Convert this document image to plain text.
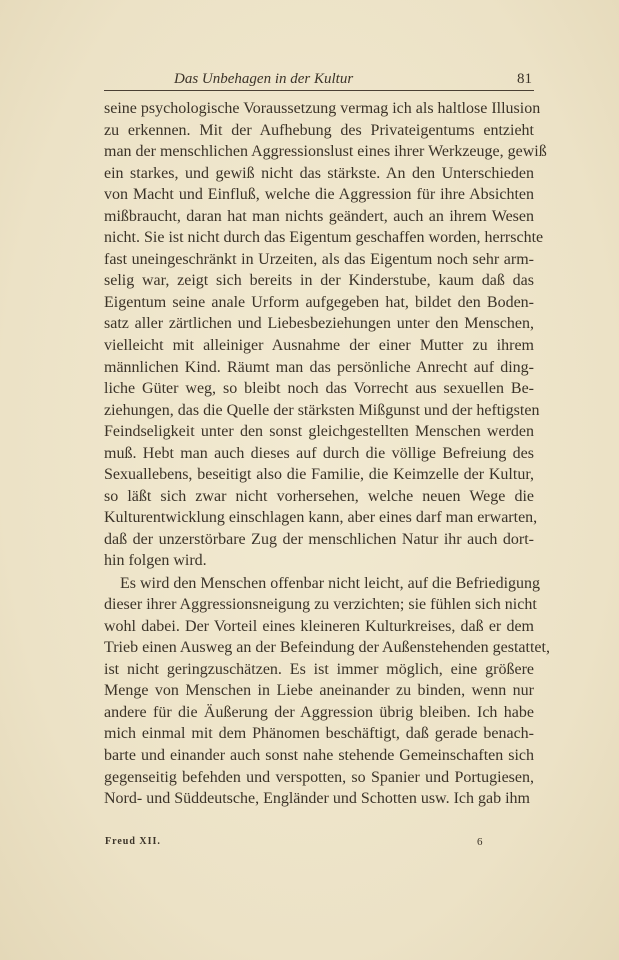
Das Unbehagen in der Kultur	81
seine psychologische Voraussetzung vermag ich als haltlose Illusion
zu erkennen. Mit der Aufhebung des Privateigentums entzieht
man der menschlichen Aggressionslust eines ihrer Werkzeuge, gewiß
ein starkes, und gewiß nicht das stärkste. An den Unterschieden
von Macht und Einfluß, welche die Aggression für ihre Absichten
mißbraucht, daran hat man nichts geändert, auch an ihrem Wesen
nicht. Sie ist nicht durch das Eigentum geschaffen worden, herrschte
fast uneingeschränkt in Urzeiten, als das Eigentum noch sehr arm-
selig war, zeigt sich bereits in der Kinderstube, kaum daß das
Eigentum seine anale Urform aufgegeben hat, bildet den Boden-
satz aller zärtlichen und Liebesbeziehungen unter den Menschen,
vielleicht mit alleiniger Ausnahme der einer Mutter zu ihrem
männlichen Kind. Räumt man das persönliche Anrecht auf ding-
liche Güter weg, so bleibt noch das Vorrecht aus sexuellen Be-
ziehungen, das die Quelle der stärksten Mißgunst und der heftigsten
Feindseligkeit unter den sonst gleichgestellten Menschen werden
muß. Hebt man auch dieses auf durch die völlige Befreiung des
Sexuallebens, beseitigt also die Familie, die Keimzelle der Kultur,
so läßt sich zwar nicht vorhersehen, welche neuen Wege die
Kulturentwicklung einschlagen kann, aber eines darf man erwarten,
daß der unzerstörbare Zug der menschlichen Natur ihr auch dort-
hin folgen wird.
Es wird den Menschen offenbar nicht leicht, auf die Befriedigung
dieser ihrer Aggressionsneigung zu verzichten; sie fühlen sich nicht
wohl dabei. Der Vorteil eines kleineren Kulturkreises, daß er dem
Trieb einen Ausweg an der Befeindung der Außenstehenden gestattet,
ist nicht geringzuschätzen. Es ist immer möglich, eine größere
Menge von Menschen in Liebe aneinander zu binden, wenn nur
andere für die Äußerung der Aggression übrig bleiben. Ich habe
mich einmal mit dem Phänomen beschäftigt, daß gerade benach-
barte und einander auch sonst nahe stehende Gemeinschaften sich
gegenseitig befehden und verspotten, so Spanier und Portugiesen,
Nord- und Süddeutsche, Engländer und Schotten usw. Ich gab ihm
Freud XII.	6
